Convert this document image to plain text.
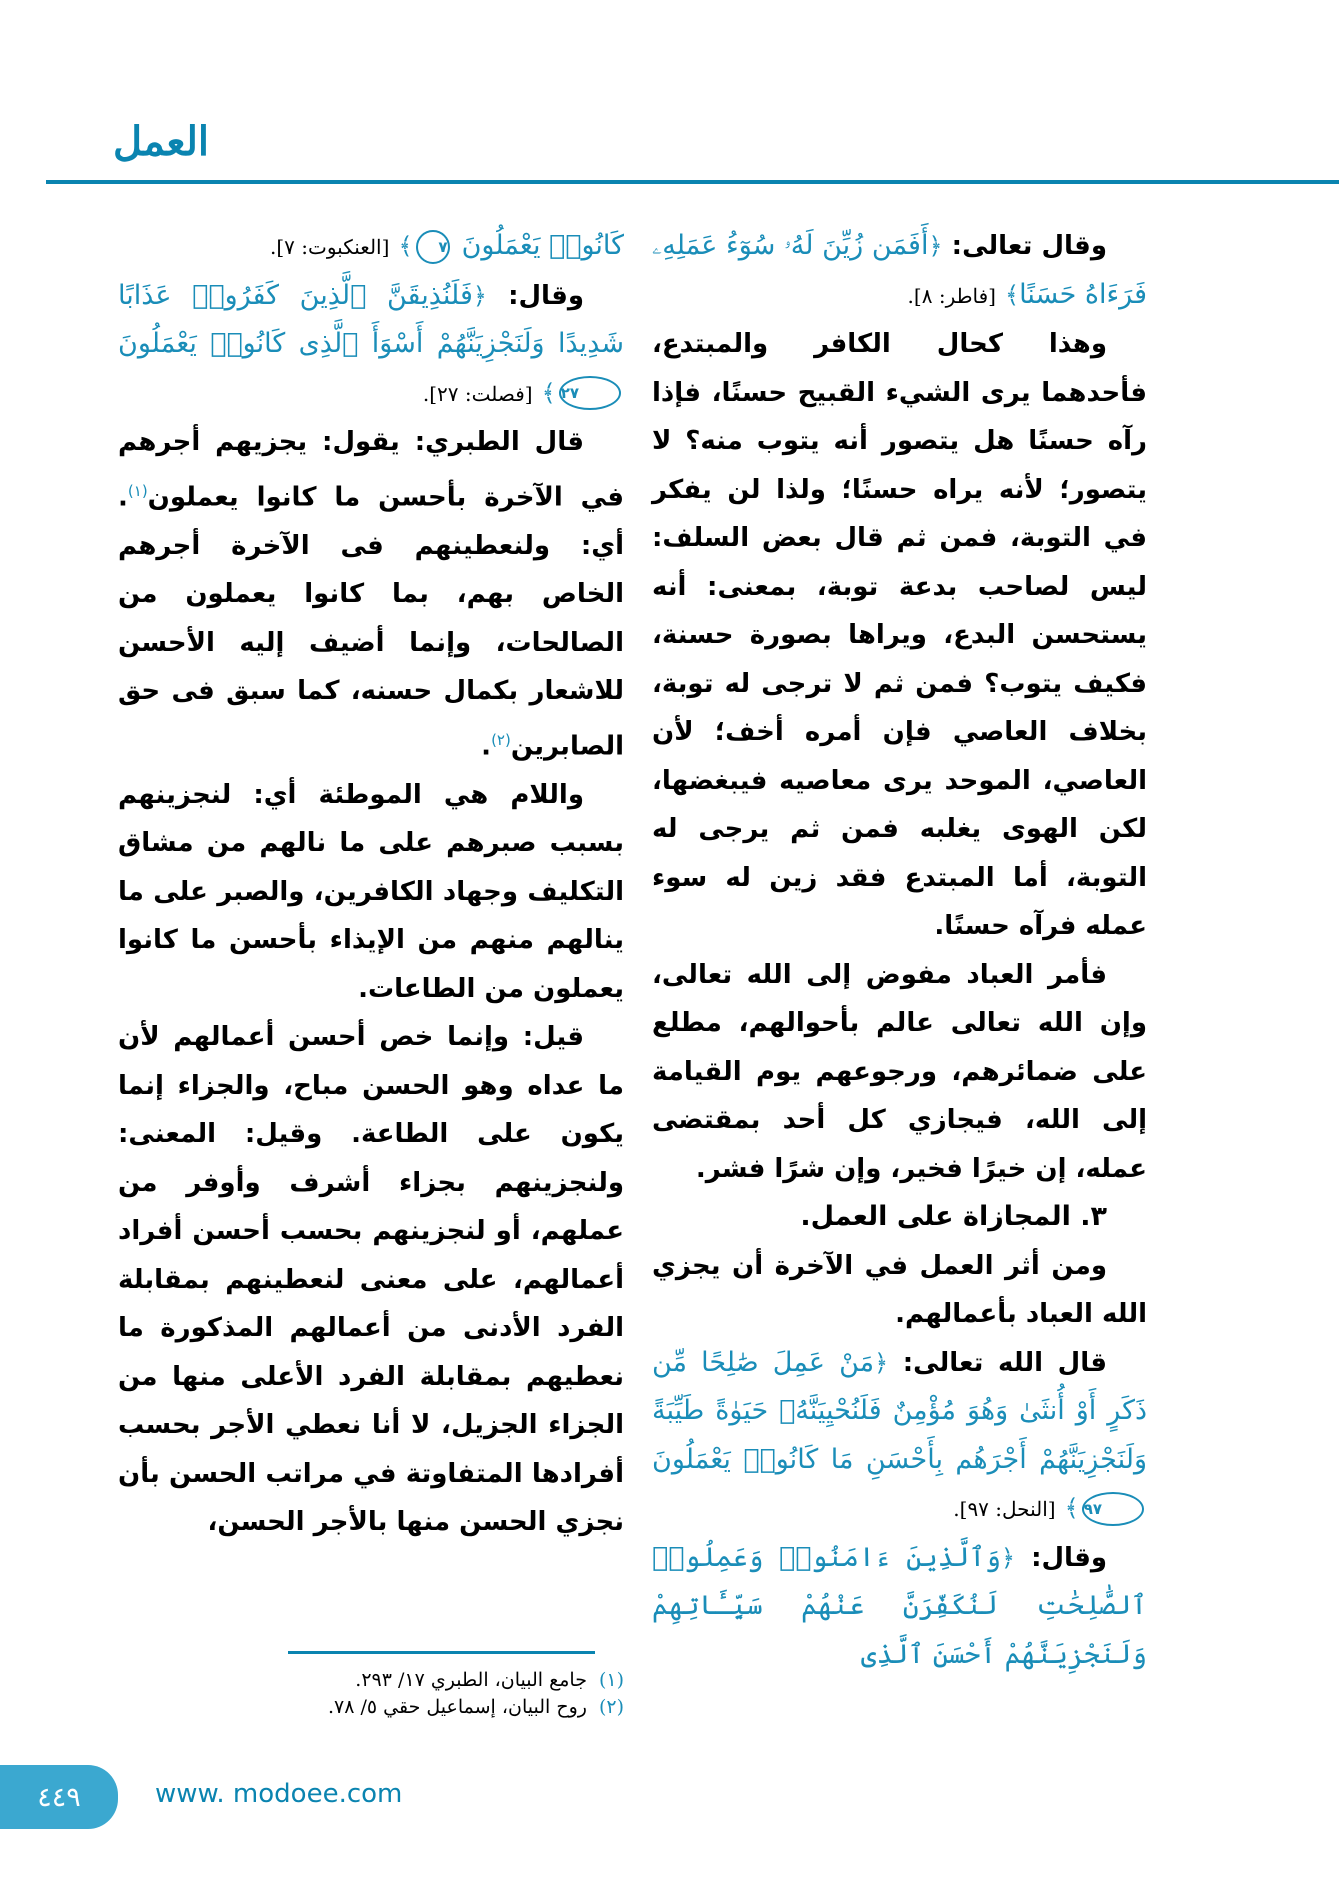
العمل

وقال تعالى: ﴿أَفَمَن زُيِّنَ لَهُۥ سُوٓءُ عَمَلِهِۦ فَرَءَاهُ حَسَنًا﴾ [فاطر: ٨].

وهذا كحال الكافر والمبتدع، فأحدهما يرى الشيء القبيح حسنًا، فإذا رآه حسنًا هل يتصور أنه يتوب منه؟ لا يتصور؛ لأنه يراه حسنًا؛ ولذا لن يفكر في التوبة، فمن ثم قال بعض السلف: ليس لصاحب بدعة توبة، بمعنى: أنه يستحسن البدع، ويراها بصورة حسنة، فكيف يتوب؟ فمن ثم لا ترجى له توبة، بخلاف العاصي فإن أمره أخف؛ لأن العاصي، الموحد يرى معاصيه فيبغضها، لكن الهوى يغلبه فمن ثم يرجى له التوبة، أما المبتدع فقد زين له سوء عمله فرآه حسنًا.

فأمر العباد مفوض إلى الله تعالى، وإن الله تعالى عالم بأحوالهم، مطلع على ضمائرهم، ورجوعهم يوم القيامة إلى الله، فيجازي كل أحد بمقتضى عمله، إن خيرًا فخير، وإن شرًا فشر.

٣. المجازاة على العمل.

ومن أثر العمل في الآخرة أن يجزي الله العباد بأعمالهم.

قال الله تعالى: ﴿مَنْ عَمِلَ صَٰلِحًا مِّن ذَكَرٍ أَوْ أُنثَىٰ وَهُوَ مُؤْمِنٌ فَلَنُحْيِيَنَّهُۥ حَيَوٰةً طَيِّبَةً وَلَنَجْزِيَنَّهُمْ أَجْرَهُم بِأَحْسَنِ مَا كَانُوا۟ يَعْمَلُونَ ٩٧﴾ [النحل: ٩٧].

وقال: ﴿وَٱلَّذِينَ ءَامَنُوا۟ وَعَمِلُوا۟ ٱلصَّٰلِحَٰتِ لَنُكَفِّرَنَّ عَنْهُمْ سَيِّـَٔاتِهِمْ وَلَنَجْزِيَنَّهُمْ أَحْسَنَ ٱلَّذِى

كَانُوا۟ يَعْمَلُونَ ٧﴾ [العنكبوت: ٧].

وقال: ﴿فَلَنُذِيقَنَّ ٱلَّذِينَ كَفَرُوا۟ عَذَابًا شَدِيدًا وَلَنَجْزِيَنَّهُمْ أَسْوَأَ ٱلَّذِى كَانُوا۟ يَعْمَلُونَ ٢٧﴾ [فصلت: ٢٧].

قال الطبري: يقول: يجزيهم أجرهم في الآخرة بأحسن ما كانوا يعملون$^{(١)}$. أي: ولنعطينهم فى الآخرة أجرهم الخاص بهم، بما كانوا يعملون من الصالحات، وإنما أضيف إليه الأحسن للاشعار بكمال حسنه، كما سبق فى حق الصابرين$^{(٢)}$.

واللام هي الموطئة أي: لنجزينهم بسبب صبرهم على ما نالهم من مشاق التكليف وجهاد الكافرين، والصبر على ما ينالهم منهم من الإيذاء بأحسن ما كانوا يعملون من الطاعات.

قيل: وإنما خص أحسن أعمالهم لأن ما عداه وهو الحسن مباح، والجزاء إنما يكون على الطاعة. وقيل: المعنى: ولنجزينهم بجزاء أشرف وأوفر من عملهم، أو لنجزينهم بحسب أحسن أفراد أعمالهم، على معنى لنعطينهم بمقابلة الفرد الأدنى من أعمالهم المذكورة ما نعطيهم بمقابلة الفرد الأعلى منها من الجزاء الجزيل، لا أنا نعطي الأجر بحسب أفرادها المتفاوتة في مراتب الحسن بأن نجزي الحسن منها بالأجر الحسن،

(١)جامع البيان، الطبري ١٧/ ٢٩٣.
(٢)روح البيان، إسماعيل حقي ٥/ ٧٨.
٤٤٩	www. modoee.com
